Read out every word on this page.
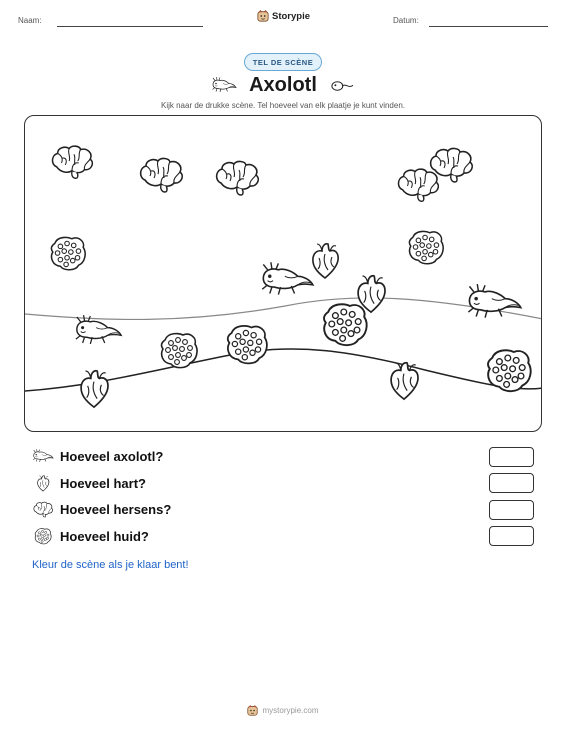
Naam:	Storypie	Datum:
TEL DE SCÈNE
Axolotl
Kijk naar de drukke scène. Tel hoeveel van elk plaatje je kunt vinden.
Hoeveel axolotl?
Hoeveel hart?
Hoeveel hersens?
Hoeveel huid?
Kleur de scène als je klaar bent!
mystorypie.com
